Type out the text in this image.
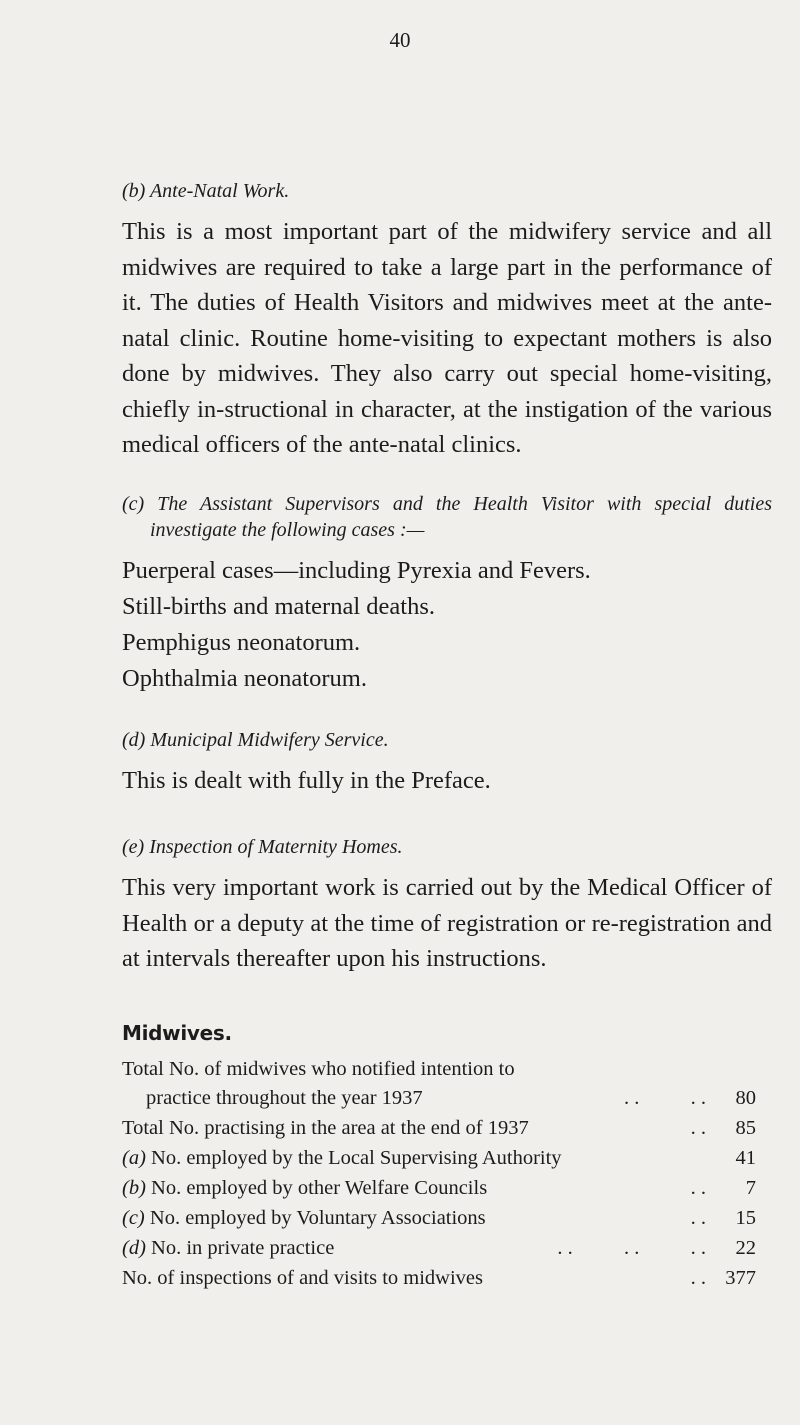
40

(b) Ante-Natal Work.

This is a most important part of the midwifery service and all midwives are required to take a large part in the performance of it. The duties of Health Visitors and midwives meet at the ante-natal clinic. Routine home-visiting to expectant mothers is also done by midwives. They also carry out special home-visiting, chiefly in-structional in character, at the instigation of the various medical officers of the ante-natal clinics.

(c) The Assistant Supervisors and the Health Visitor with special duties investigate the following cases :—

Puerperal cases—including Pyrexia and Fevers.
Still-births and maternal deaths.
Pemphigus neonatorum.
Ophthalmia neonatorum.

(d) Municipal Midwifery Service.

This is dealt with fully in the Preface.

(e) Inspection of Maternity Homes.

This very important work is carried out by the Medical Officer of Health or a deputy at the time of registration or re-registration and at intervals thereafter upon his instructions.

Midwives.

Total No. of midwives who notified intention to
practice throughout the year 1937	. .          . .	80
Total No. practising in the area at the end of 1937	. .	85
(a) No. employed by the Local Supervising Authority	41
(b) No. employed by other Welfare Councils	. .	7
(c) No. employed by Voluntary Associations	. .	15
(d) No. in private practice	. .          . .          . .	22
No. of inspections of and visits to midwives	. . 377
